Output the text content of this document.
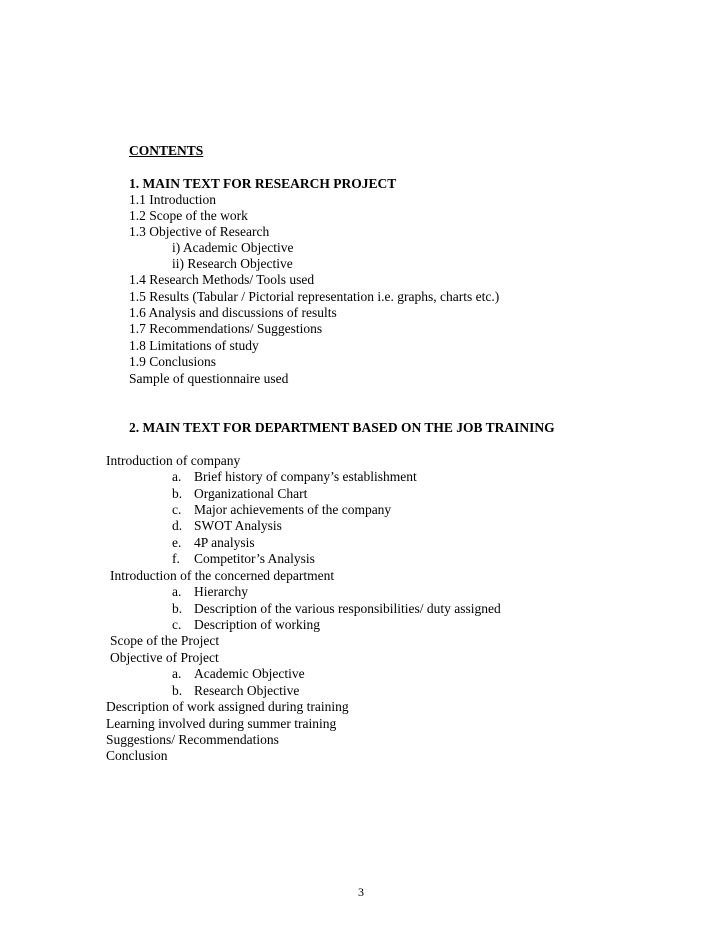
CONTENTS
1. MAIN TEXT FOR RESEARCH PROJECT
1.1 Introduction
1.2 Scope of the work
1.3 Objective of Research
i) Academic Objective
ii) Research Objective
1.4 Research Methods/ Tools used
1.5 Results (Tabular / Pictorial representation i.e. graphs, charts etc.)
1.6 Analysis and discussions of results
1.7 Recommendations/ Suggestions
1.8 Limitations of study
1.9 Conclusions
Sample of questionnaire used
2. MAIN TEXT FOR DEPARTMENT BASED ON THE JOB TRAINING
Introduction of company
a. Brief history of company’s establishment
b. Organizational Chart
c. Major achievements of the company
d. SWOT Analysis
e. 4P analysis
f. Competitor’s Analysis
Introduction of the concerned department
a. Hierarchy
b. Description of the various responsibilities/ duty assigned
c. Description of working
Scope of the Project
Objective of Project
a. Academic Objective
b. Research Objective
Description of work assigned during training
Learning involved during summer training
Suggestions/ Recommendations
Conclusion
3
